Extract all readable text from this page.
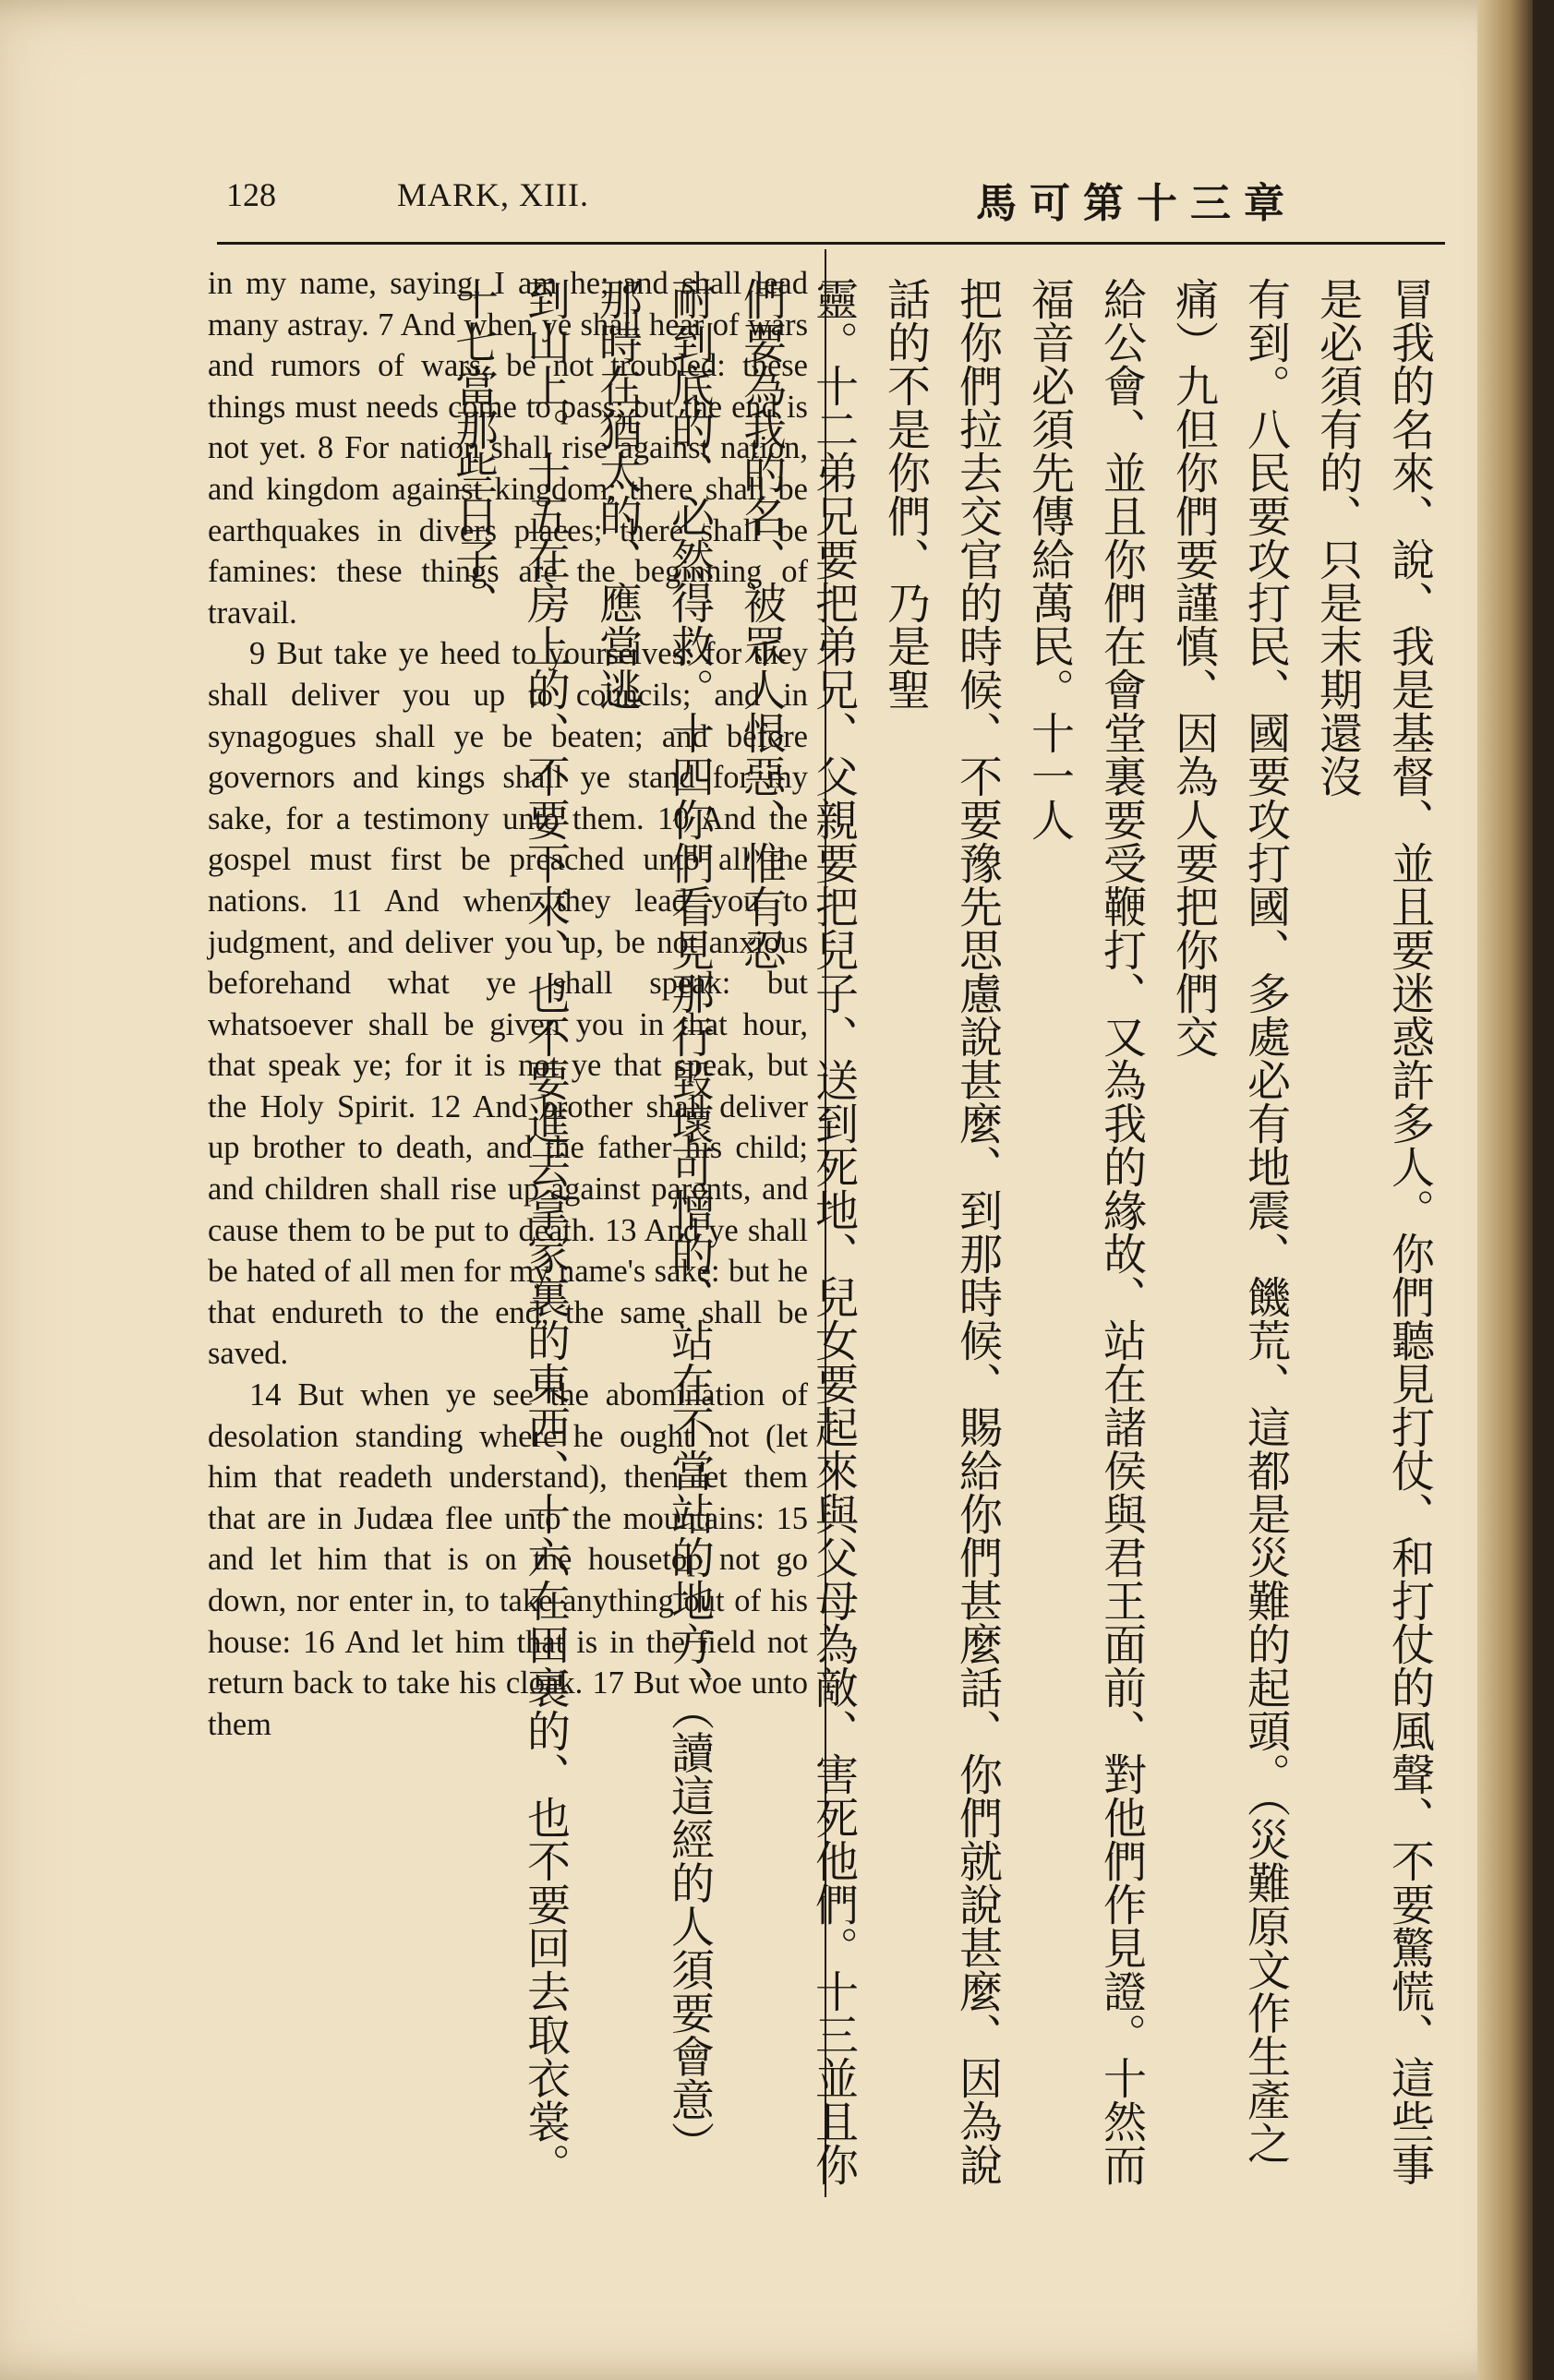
128	MARK, XIII.	馬可第十三章

in my name, saying, I am he; and shall lead many astray. 7 And when ye shall hear of wars and rumors of wars, be not troubled: these things must needs come to pass; but the end is not yet. 8 For nation shall rise against nation, and kingdom against kingdom; there shall be earthquakes in divers places; there shall be famines: these things are the beginning of travail.

9 But take ye heed to yourselves: for they shall deliver you up to councils; and in synagogues shall ye be beaten; and before governors and kings shall ye stand for my sake, for a testimony unto them. 10 And the gospel must first be preached unto all the nations. 11 And when they lead you to judgment, and deliver you up, be not anxious beforehand what ye shall speak: but whatsoever shall be given you in that hour, that speak ye; for it is not ye that speak, but the Holy Spirit. 12 And brother shall deliver up brother to death, and the father his child; and children shall rise up against parents, and cause them to be put to death. 13 And ye shall be hated of all men for my name's sake: but he that endureth to the end, the same shall be saved.

14 But when ye see the abomination of desolation standing where he ought not (let him that readeth understand), then let them that are in Judæa flee unto the mountains: 15 and let him that is on the housetop not go down, nor enter in, to take anything out of his house: 16 And let him that is in the field not return back to take his cloak. 17 But woe unto them	冒我的名來、說、我是基督、並且要迷惑許多人。你們聽見打仗、和打仗的風聲、不要驚慌、這些事是必須有的、只是末期還沒

有到。八民要攻打民、國要攻打國、多處必有地震、饑荒、這都是災難的起頭。（災難原文作生產之痛）九但你們要謹慎、因為人要把你們交

給公會、並且你們在會堂裏要受鞭打、又為我的緣故、站在諸侯與君王面前、對他們作見證。十然而福音必須先傳給萬民。十一人

把你們拉去交官的時候、不要豫先思慮說甚麼、到那時候、賜給你們甚麼話、你們就說甚麼、因為說話的不是你們、乃是聖

靈。十二弟兄要把弟兄、父親要把兒子、送到死地、兒女要起來與父母為敵、害死他們。十三並且你們要為我的名、被眾人恨惡、惟有忍

耐到底的、必然得救。十四你們看見那行毀壞可憎的、站在不當站的地方、（讀這經的人須要會意）那時在猶太的、應當逃

到山上。十五在房上的、不要下來、也不要進去拿家裏的東西、十六在田裏的、也不要回去取衣裳。十七當那些日子、
